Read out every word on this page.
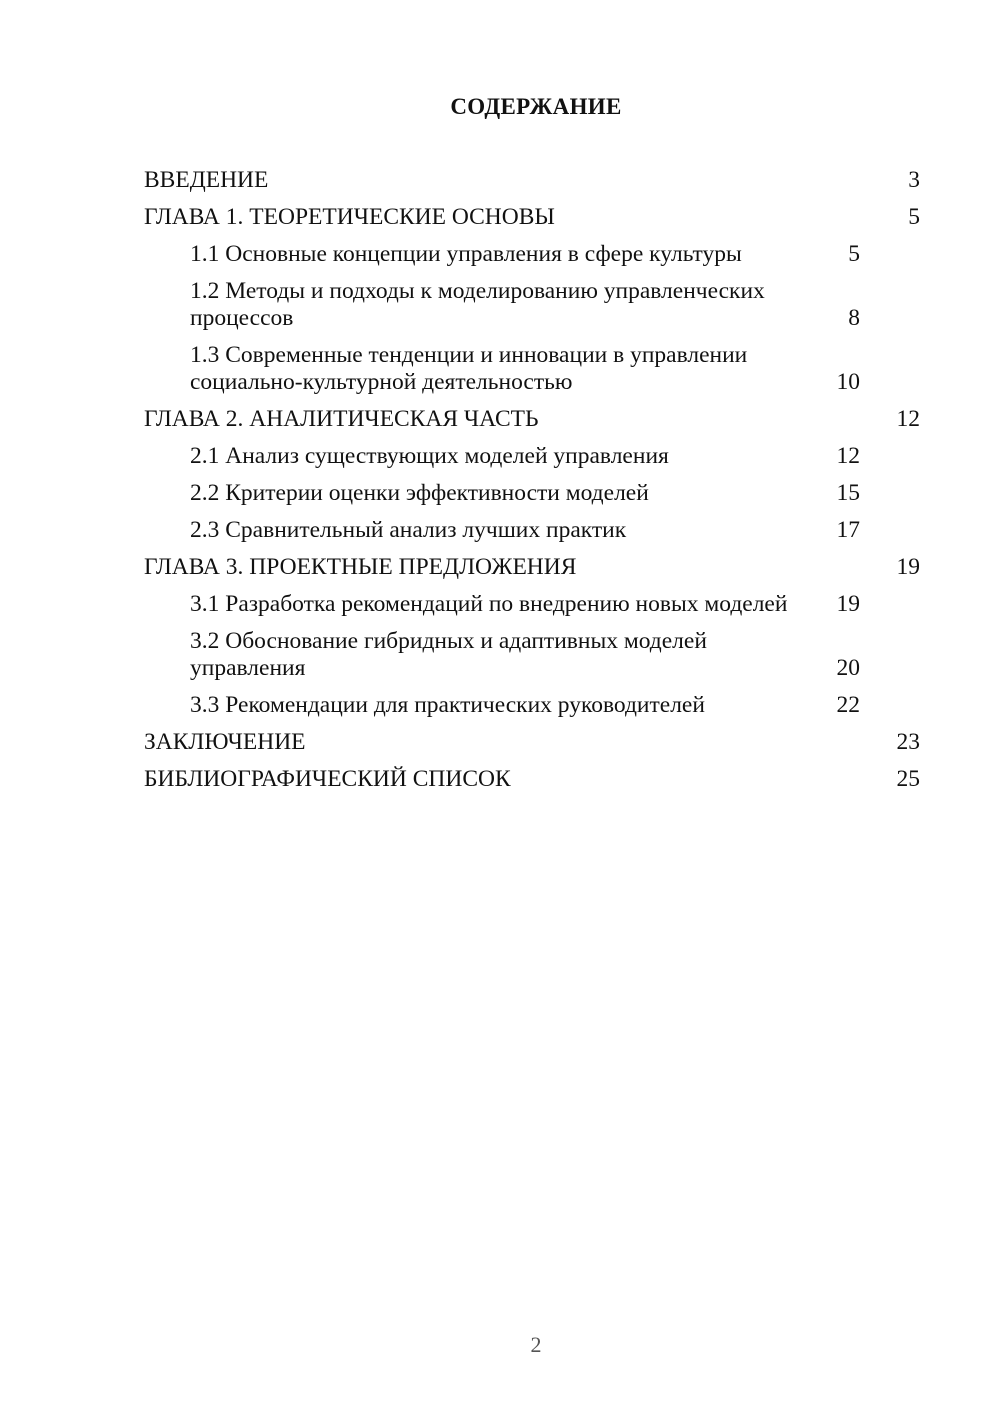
СОДЕРЖАНИЕ
ВВЕДЕНИЕ	3
ГЛАВА 1. ТЕОРЕТИЧЕСКИЕ ОСНОВЫ	5
1.1 Основные концепции управления в сфере культуры	5
1.2 Методы и подходы к моделированию управленческих процессов	8
1.3 Современные тенденции и инновации в управлении социально-культурной деятельностью	10
ГЛАВА 2. АНАЛИТИЧЕСКАЯ ЧАСТЬ	12
2.1 Анализ существующих моделей управления	12
2.2 Критерии оценки эффективности моделей	15
2.3 Сравнительный анализ лучших практик	17
ГЛАВА 3. ПРОЕКТНЫЕ ПРЕДЛОЖЕНИЯ	19
3.1 Разработка рекомендаций по внедрению новых моделей	19
3.2 Обоснование гибридных и адаптивных моделей управления	20
3.3 Рекомендации для практических руководителей	22
ЗАКЛЮЧЕНИЕ	23
БИБЛИОГРАФИЧЕСКИЙ СПИСОК	25
2
